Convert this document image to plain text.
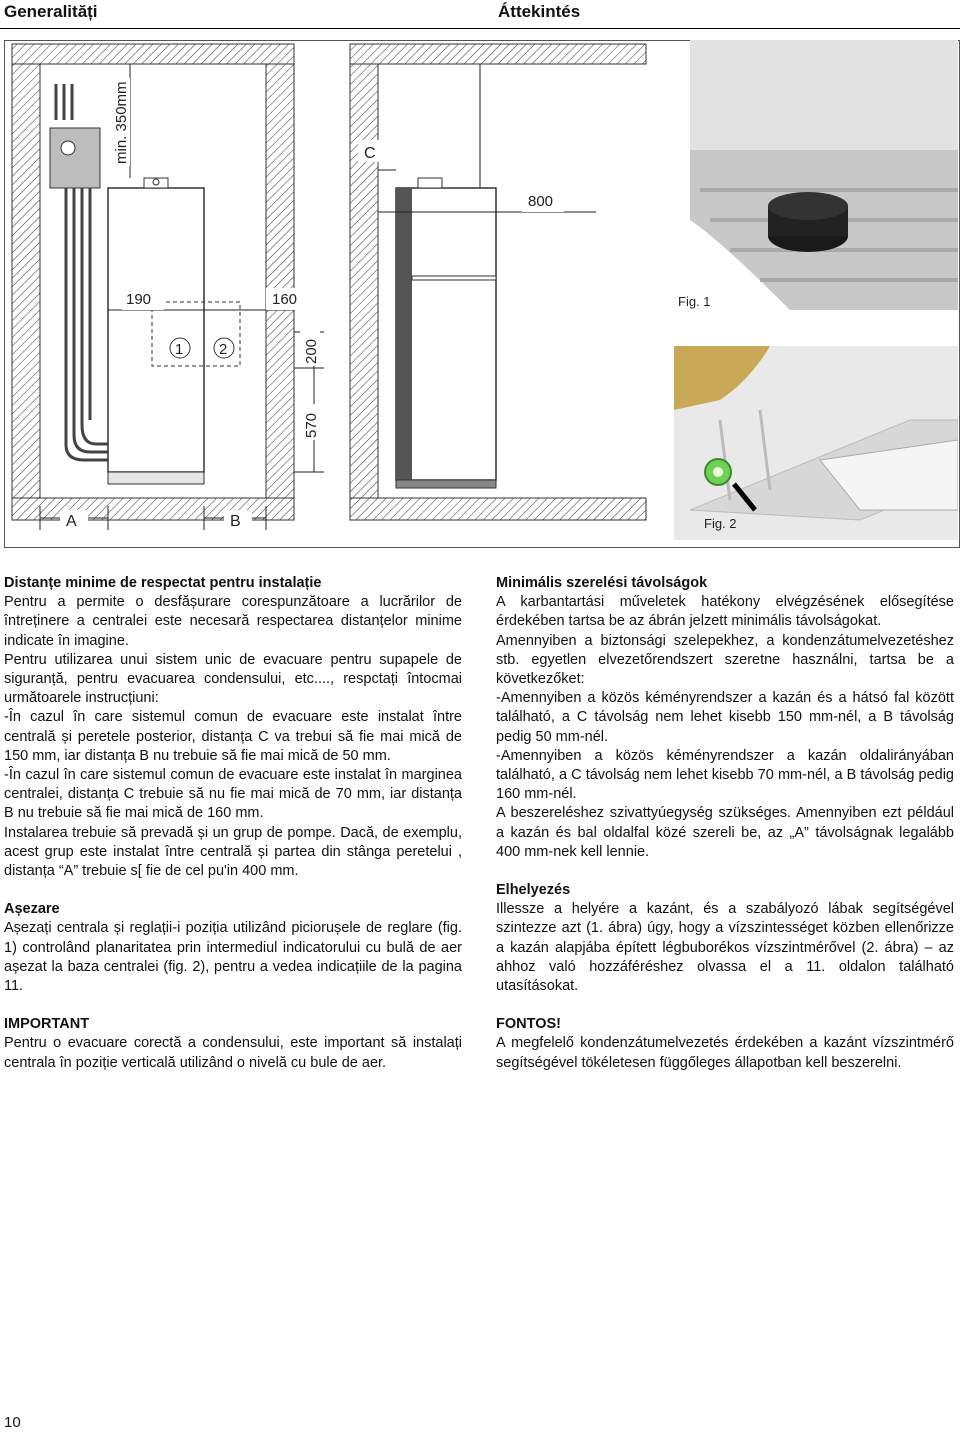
Generalități	Áttekintés
min. 350mm	C
800
190	160
200
570
1 2
A	B
Fig. 1
Fig. 2
Distanțe minime de respectat pentru instalație

Pentru a permite o desfășurare corespunzătoare a lucrărilor de întreținere a centralei este necesară respectarea distanțelor minime indicate în imagine.

Pentru utilizarea unui sistem unic de evacuare pentru supapele de siguranță, pentru evacuarea condensului, etc...., respctați întocmai următoarele instrucțiuni:

-În cazul în care sistemul comun de evacuare este instalat între centrală și peretele posterior, distanța C va trebui să fie mai mică de 150 mm, iar distanța B nu trebuie să fie mai mică de 50 mm.

-În cazul în care sistemul comun de evacuare este instalat în marginea centralei, distanța C trebuie să nu fie mai mică de 70 mm, iar distanța B nu trebuie să fie mai mică de 160 mm.

Instalarea trebuie să prevadă și un grup de pompe. Dacă, de exemplu, acest grup este instalat între centrală și partea din stânga peretelui , distanța “A” trebuie s[ fie de cel pu'in 400 mm.

Așezare

Așezați centrala și reglații-i poziția utilizând piciorușele de reglare (fig. 1) controlând planaritatea prin intermediul indicatorului cu bulă de aer așezat la baza centralei (fig. 2), pentru a vedea indicațiile de la pagina 11.

IMPORTANT

Pentru o evacuare corectă a condensului, este important să instalați centrala în poziție verticală utilizând o nivelă cu bule de aer.

Minimális szerelési távolságok

A karbantartási műveletek hatékony elvégzésének elősegítése érdekében tartsa be az ábrán jelzett minimális távolságokat.

Amennyiben a biztonsági szelepekhez, a kondenzátumelvezetéshez stb. egyetlen elvezetőrendszert szeretne használni, tartsa be a következőket:

-Amennyiben a közös kéményrendszer a kazán és a hátsó fal között található, a C távolság nem lehet kisebb 150 mm-nél, a B távolság pedig 50 mm-nél.

-Amennyiben a közös kéményrendszer a kazán oldalirányában található, a C távolság nem lehet kisebb 70 mm-nél, a B távolság pedig 160 mm-nél.

A beszereléshez szivattyúegység szükséges. Amennyiben ezt például a kazán és bal oldalfal közé szereli be, az „A” távolságnak legalább 400 mm-nek kell lennie.

Elhelyezés

Illessze a helyére a kazánt, és a szabályozó lábak segítségével szintezze azt (1. ábra) úgy, hogy a vízszintességet közben ellenőrizze a kazán alapjába épített légbuborékos vízszintmérővel (2. ábra) – az ahhoz való hozzáféréshez olvassa el a 11. oldalon található utasításokat.

FONTOS!

A megfelelő kondenzátumelvezetés érdekében a kazánt vízszintmérő segítségével tökéletesen függőleges állapotban kell beszerelni.

10
